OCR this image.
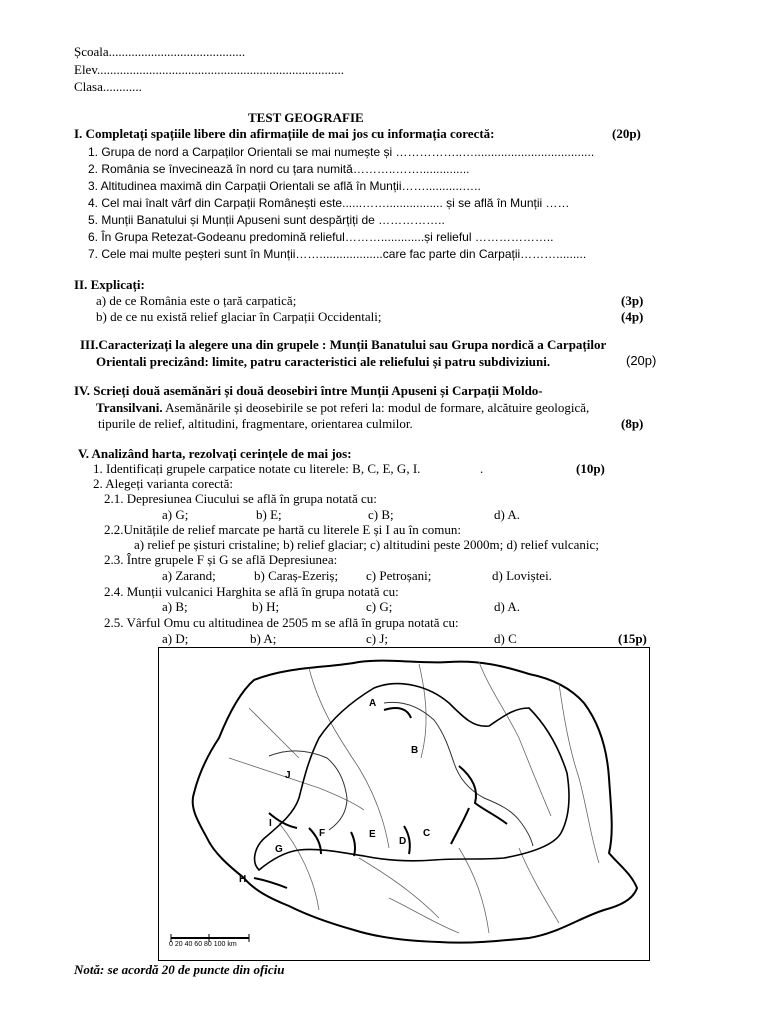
Școala..........................................
Elev............................................................................
Clasa............
TEST GEOGRAFIE
I. Completați spațiile libere din afirmațiile de mai jos cu informația corectă:	(20p)
1. Grupa de nord a Carpaților Orientali se mai numește și ……………..…....................................
2. România se învecinează în nord cu țara numită………..……...............
3. Altitudinea maximă din Carpații Orientali se află în Munții……...........…..
4. Cel mai înalt vârf din Carpații Românești este......……................. și se află în Munții ……
5. Munții Banatului și Munții Apuseni sunt despărțiți de ……………..
6. În Grupa Retezat-Godeanu predomină relieful……….............și relieful ………………..
7. Cele mai multe peșteri sunt în Munții……...................care fac parte din Carpații……….........
II. Explicați:
a) de ce România este o țară carpatică;	(3p)
b) de ce nu există relief glaciar în Carpații Occidentali;	(4p)
III.Caracterizați la alegere una din grupele : Munții Banatului sau Grupa nordică a Carpaților
Orientali precizând: limite, patru caracteristici ale reliefului și patru subdiviziuni.	(20p)
IV. Scrieți două asemănări și două deosebiri între Munții Apuseni și Carpații Moldo-
Transilvani. Asemănările și deosebirile se pot referi la: modul de formare, alcătuire geologică,
tipurile de relief, altitudini, fragmentare, orientarea culmilor.	(8p)
V. Analizând harta, rezolvați cerințele de mai jos:
1. Identificați grupele carpatice notate cu literele: B, C, E, G, I.	.	(10p)
2. Alegeți varianta corectă:
2.1. Depresiunea Ciucului se află în grupa notată cu:
a) G;	b) E;	c) B;	d) A.
2.2.Unitățile de relief marcate pe hartă cu literele E și I au în comun:
a) relief pe șisturi cristaline; b) relief glaciar; c) altitudini peste 2000m; d) relief vulcanic;
2.3. Între grupele F și G se află Depresiunea:
a) Zarand;	b) Caraș-Ezeriș; c) Petroșani;	d) Loviștei.
2.4. Munții vulcanici Harghita se află în grupa notată cu:
a) B;	b) H;	c) G;	d) A.
2.5. Vârful Omu cu altitudinea de 2505 m se află în grupa notată cu:
a) D;	b) A;	c) J;	d) C	(15p)
A
B
J
I
F	E
D
C
G
H
0 20 40 60 80 100 km
Notă: se acordă 20 de puncte din oficiu
